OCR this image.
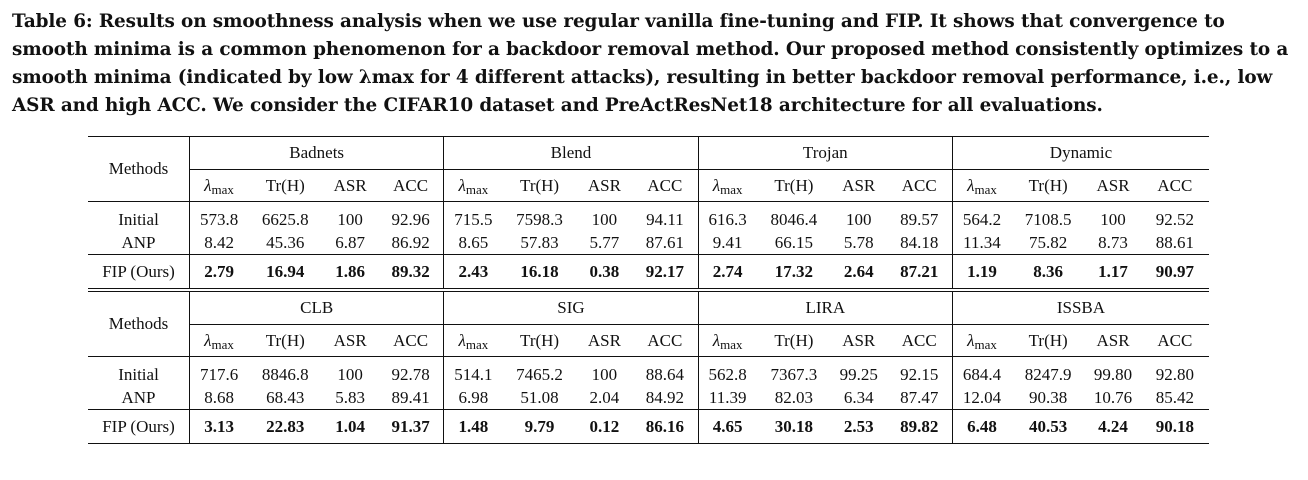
Table 6: Results on smoothness analysis when we use regular vanilla fine-tuning and FIP. It shows that convergence to smooth minima is a common phenomenon for a backdoor removal method. Our proposed method consistently optimizes to a smooth minima (indicated by low λmax for 4 different attacks), resulting in better backdoor removal performance, i.e., low ASR and high ACC. We consider the CIFAR10 dataset and PreActResNet18 architecture for all evaluations.
Methods	Badnets				Blend				Trojan				Dynamic			
	λmax	Tr(H)	ASR	ACC	λmax	Tr(H)	ASR	ACC	λmax	Tr(H)	ASR	ACC	λmax	Tr(H)	ASR	ACC
Initial	573.8	6625.8	100	92.96	715.5	7598.3	100	94.11	616.3	8046.4	100	89.57	564.2	7108.5	100	92.52
ANP	8.42	45.36	6.87	86.92	8.65	57.83	5.77	87.61	9.41	66.15	5.78	84.18	11.34	75.82	8.73	88.61
FIP (Ours)	2.79	16.94	1.86	89.32	2.43	16.18	0.38	92.17	2.74	17.32	2.64	87.21	1.19	8.36	1.17	90.97
Methods	CLB				SIG				LIRA				ISSBA			
	λmax	Tr(H)	ASR	ACC	λmax	Tr(H)	ASR	ACC	λmax	Tr(H)	ASR	ACC	λmax	Tr(H)	ASR	ACC
Initial	717.6	8846.8	100	92.78	514.1	7465.2	100	88.64	562.8	7367.3	99.25	92.15	684.4	8247.9	99.80	92.80
ANP	8.68	68.43	5.83	89.41	6.98	51.08	2.04	84.92	11.39	82.03	6.34	87.47	12.04	90.38	10.76	85.42
FIP (Ours)	3.13	22.83	1.04	91.37	1.48	9.79	0.12	86.16	4.65	30.18	2.53	89.82	6.48	40.53	4.24	90.18
